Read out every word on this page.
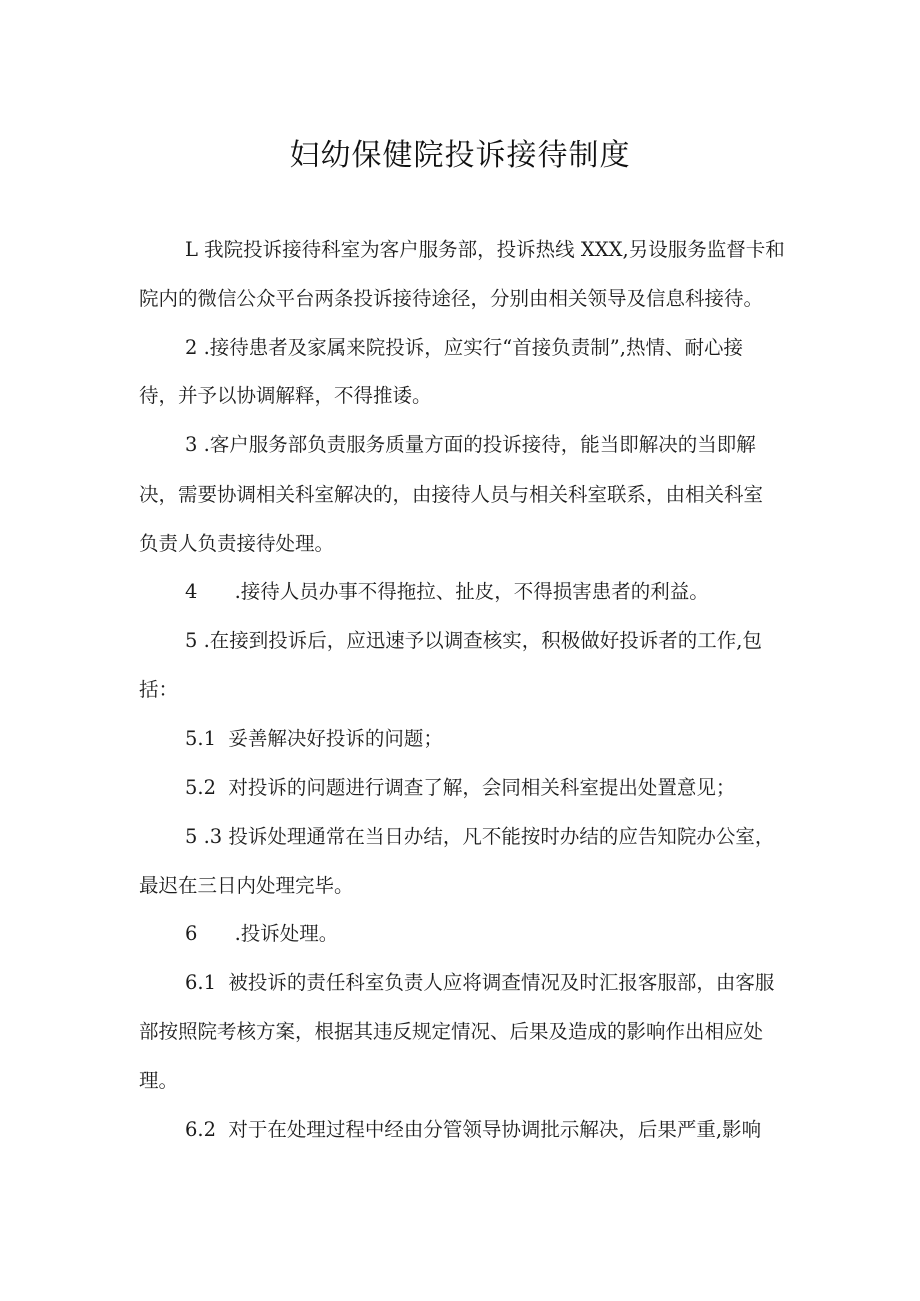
妇幼保健院投诉接待制度
L 我院投诉接待科室为客户服务部，投诉热线 XXX,另设服务监督卡和
院内的微信公众平台两条投诉接待途径，分别由相关领导及信息科接待。
2 .接待患者及家属来院投诉，应实行“首接负责制”,热情、耐心接
待，并予以协调解释，不得推诿。
3 .客户服务部负责服务质量方面的投诉接待，能当即解决的当即解
决，需要协调相关科室解决的，由接待人员与相关科室联系，由相关科室
负责人负责接待处理。
4      .接待人员办事不得拖拉、扯皮，不得损害患者的利益。
5 .在接到投诉后，应迅速予以调查核实，积极做好投诉者的工作,包
括：
5.1  妥善解决好投诉的问题；
5.2  对投诉的问题进行调查了解，会同相关科室提出处置意见；
5 .3 投诉处理通常在当日办结，凡不能按时办结的应告知院办公室，
最迟在三日内处理完毕。
6      .投诉处理。
6.1  被投诉的责任科室负责人应将调查情况及时汇报客服部，由客服
部按照院考核方案，根据其违反规定情况、后果及造成的影响作出相应处
理。
6.2  对于在处理过程中经由分管领导协调批示解决，后果严重,影响
